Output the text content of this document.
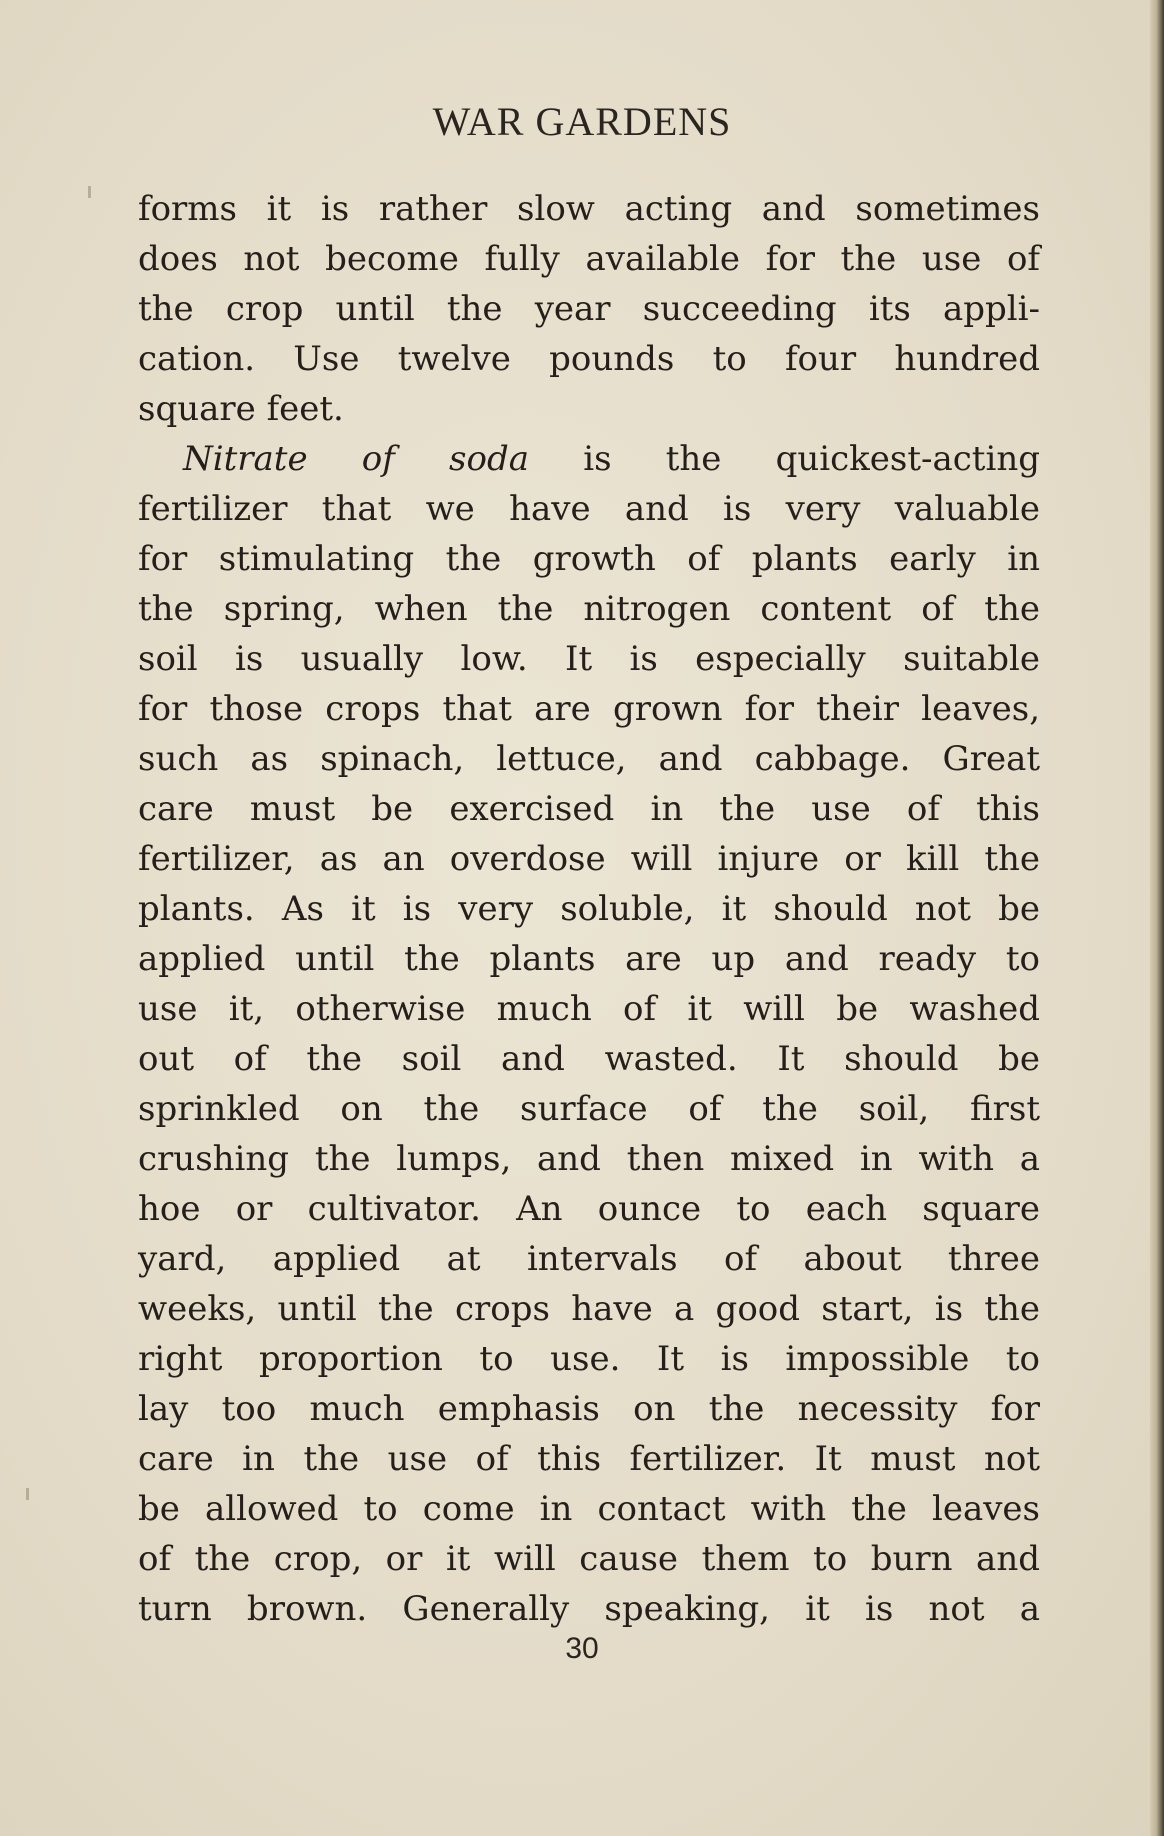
WAR GARDENS
forms it is rather slow acting and sometimes
does not become fully available for the use of
the crop until the year succeeding its appli-
cation. Use twelve pounds to four hundred
square feet.
Nitrate of soda is the quickest-acting
fertilizer that we have and is very valuable
for stimulating the growth of plants early in
the spring, when the nitrogen content of the
soil is usually low. It is especially suitable
for those crops that are grown for their leaves,
such as spinach, lettuce, and cabbage. Great
care must be exercised in the use of this
fertilizer, as an overdose will injure or kill the
plants. As it is very soluble, it should not be
applied until the plants are up and ready to
use it, otherwise much of it will be washed
out of the soil and wasted. It should be
sprinkled on the surface of the soil, first
crushing the lumps, and then mixed in with a
hoe or cultivator. An ounce to each square
yard, applied at intervals of about three
weeks, until the crops have a good start, is the
right proportion to use. It is impossible to
lay too much emphasis on the necessity for
care in the use of this fertilizer. It must not
be allowed to come in contact with the leaves
of the crop, or it will cause them to burn and
turn brown. Generally speaking, it is not a
30
